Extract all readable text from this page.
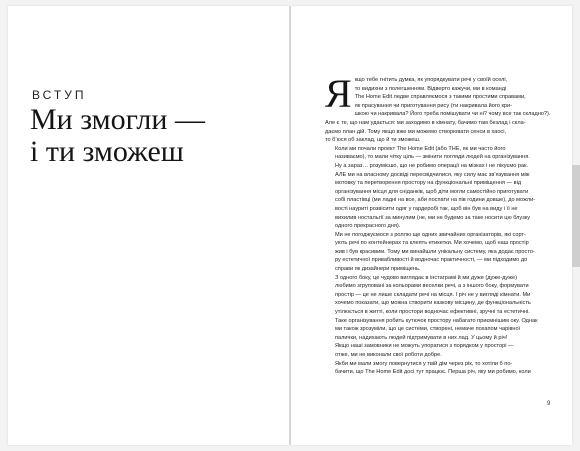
ВСТУП
Ми змогли —
і ти зможеш
Я кщо тебе гнітить думка, як упорядкувати речі у своїй оселі,
то видихни з полегшенням. Відверто кажучи, ми в команді
The Home Edit ледве справляємося з такими простими справами,
як прасування чи приготування рису (ти накривала його кри-
шкою чи накривала? Його треба помішувати чи ні? чому все так складно?).
Але є те, що нам удається: ми заходимо в кімнату, бачимо там безлад і скла-
даємо план дій. Тому якщо вже ми можемо створювати сенси в хаосі,
то б’юся об заклад, що й ти зможеш.

Коли ми почали проект The Home Edit (або THE, як ми часто його
називаємо), то мали чітку ціль — змінити погляди людей на організування.
Ну а зараз… розумієшо, що не робимо операції на мізках і не лікуємо рак.
АЛЕ ми на власному досвіді пересвідчилися, яку силу має зв’язування між
мотовку та перетворення простору на функціональні приміщення — від
організування місця для сніданків, щоб діти могли самостійно приготувати
собі пластівці (ми ладні на все, аби поспати на пів години довше), до можли-
вості науриті розвісити одяг у гардеробі так, щоб він був на виду і її не
вихилив ностальгії за минулим (не, ми не будемо за таке носити цю блузку
одного прекрасного дня).

Ми не погоджуємося з роллю ще одних звичайних організаторів, які сорт-
ують речі по контейнерах та клеять етикетки. Ми хочемо, щоб наш простір
жив і був красивим. Тому ми винайшли унікальну систему, яка додає просто-
ру естетичної привабливості й водночас практичності, — ми підходимо до
справи як дизайнери приміщень.

З одного боку, це чудово виглядає в інстаграмі й ми дуже (дуже-дуже)
любимо згруповані за кольорами веселки речі, а з іншого боку, формувати
простір — це не лише складати речі на місця. І річ не у вигляді кімнати. Ми
хочемо показати, що можна створити казкову місцину, де функціональність
утілюється в житті, коли простори водночас ефективні, зручні та естетичні.
Таке організування робить кутючок простору набагато приємнішим оку. Однак
ми також зрозуміли, що це системи, створені, немаче похапом чарівної
палички, надихають людей підтримувати в них лад. У цьому й річ!

Якщо наші замовники не можуть упоратися з порядком у просторі —
отже, ми не виконали свої роботи добре.

Якби ми мали змогу повернутися у твій дім через рік, то хотіли б по-
бачити, що The Home Edit досі тут працює. Перша річ, яку ми робимо, коли

9
